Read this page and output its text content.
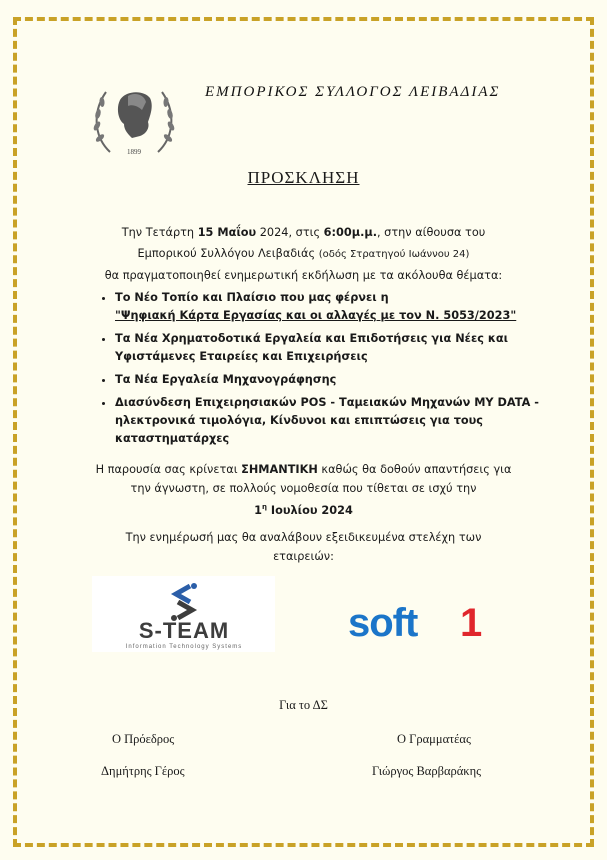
1899
ΕΜΠΟΡΙΚΟΣ ΣΥΛΛΟΓΟΣ ΛΕΙΒΑΔΙΑΣ
ΠΡΟΣΚΛΗΣΗ
Την Τετάρτη 15 Μαΐου 2024, στις 6:00μ.μ., στην αίθουσα του
Εμπορικού Συλλόγου Λειβαδιάς (οδός Στρατηγού Ιωάννου 24)
θα πραγματοποιηθεί ενημερωτική εκδήλωση με τα ακόλουθα θέματα:
• Το Νέο Τοπίο και Πλαίσιο που μας φέρνει η
"Ψηφιακή Κάρτα Εργασίας και οι αλλαγές με τον Ν. 5053/2023"
• Τα Νέα Χρηματοδοτικά Εργαλεία και Επιδοτήσεις για Νέες και Υφιστάμενες Εταιρείες και Επιχειρήσεις
• Τα Νέα Εργαλεία Μηχανογράφησης
• Διασύνδεση Επιχειρησιακών POS - Ταμειακών Μηχανών MY DATA - ηλεκτρονικά τιμολόγια, Κίνδυνοι και επιπτώσεις για τους καταστηματάρχες
Η παρουσία σας κρίνεται ΣΗΜΑΝΤΙΚΗ καθώς θα δοθούν απαντήσεις για
την άγνωστη, σε πολλούς νομοθεσία που τίθεται σε ισχύ την
$1^\eta$ Ιουλίου 2024
Την ενημέρωσή μας θα αναλάβουν εξειδικευμένα στελέχη των
εταιρειών:
S-TEAM
Information Technology Systems
soft 1
soft1
Για το ΔΣ
Ο Πρόεδρος
Δημήτρης Γέρος
Ο Γραμματέας
Γιώργος Βαρβαράκης
